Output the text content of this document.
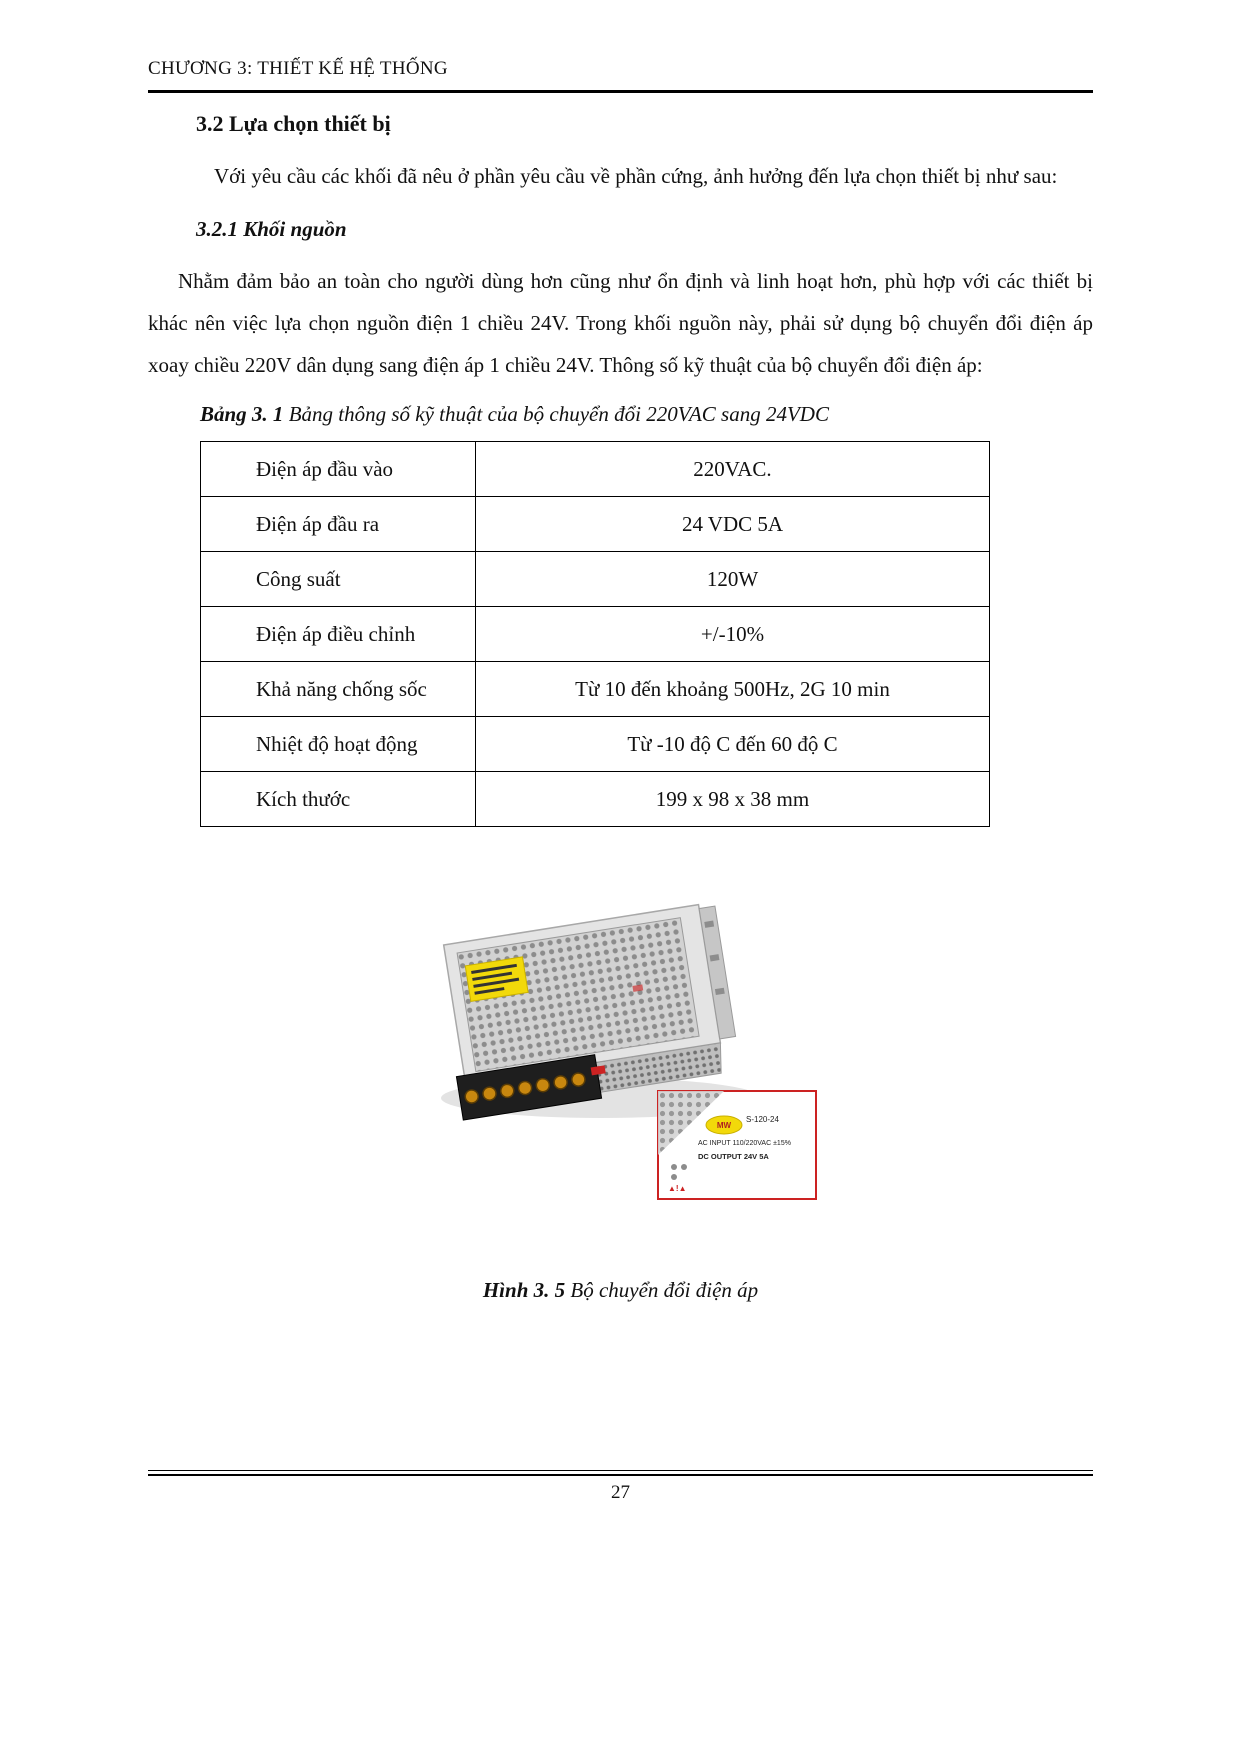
CHƯƠNG 3: THIẾT KẾ HỆ THỐNG
3.2 Lựa chọn thiết bị

Với yêu cầu các khối đã nêu ở phần yêu cầu về phần cứng, ảnh hưởng đến lựa chọn thiết bị như sau:

3.2.1 Khối nguồn

Nhằm đảm bảo an toàn cho người dùng hơn cũng như ổn định và linh hoạt hơn, phù hợp với các thiết bị khác nên việc lựa chọn nguồn điện 1 chiều 24V. Trong khối nguồn này, phải sử dụng bộ chuyển đổi điện áp xoay chiều 220V dân dụng sang điện áp 1 chiều 24V. Thông số kỹ thuật của bộ chuyển đổi điện áp:

Bảng 3. 1 Bảng thông số kỹ thuật của bộ chuyển đổi 220VAC sang 24VDC
Điện áp đầu vào	220VAC.
Điện áp đầu ra	24 VDC 5A
Công suất	120W
Điện áp điều chỉnh	+/-10%
Khả năng chống sốc	Từ 10 đến khoảng 500Hz, 2G 10 min
Nhiệt độ hoạt động	Từ -10 độ C đến 60 độ C
Kích thước	199 x 98 x 38 mm
MW
S-120-24
AC INPUT 110/220VAC ±15%
DC OUTPUT 24V 5A
▲!▲
Hình 3. 5 Bộ chuyển đổi điện áp
27
